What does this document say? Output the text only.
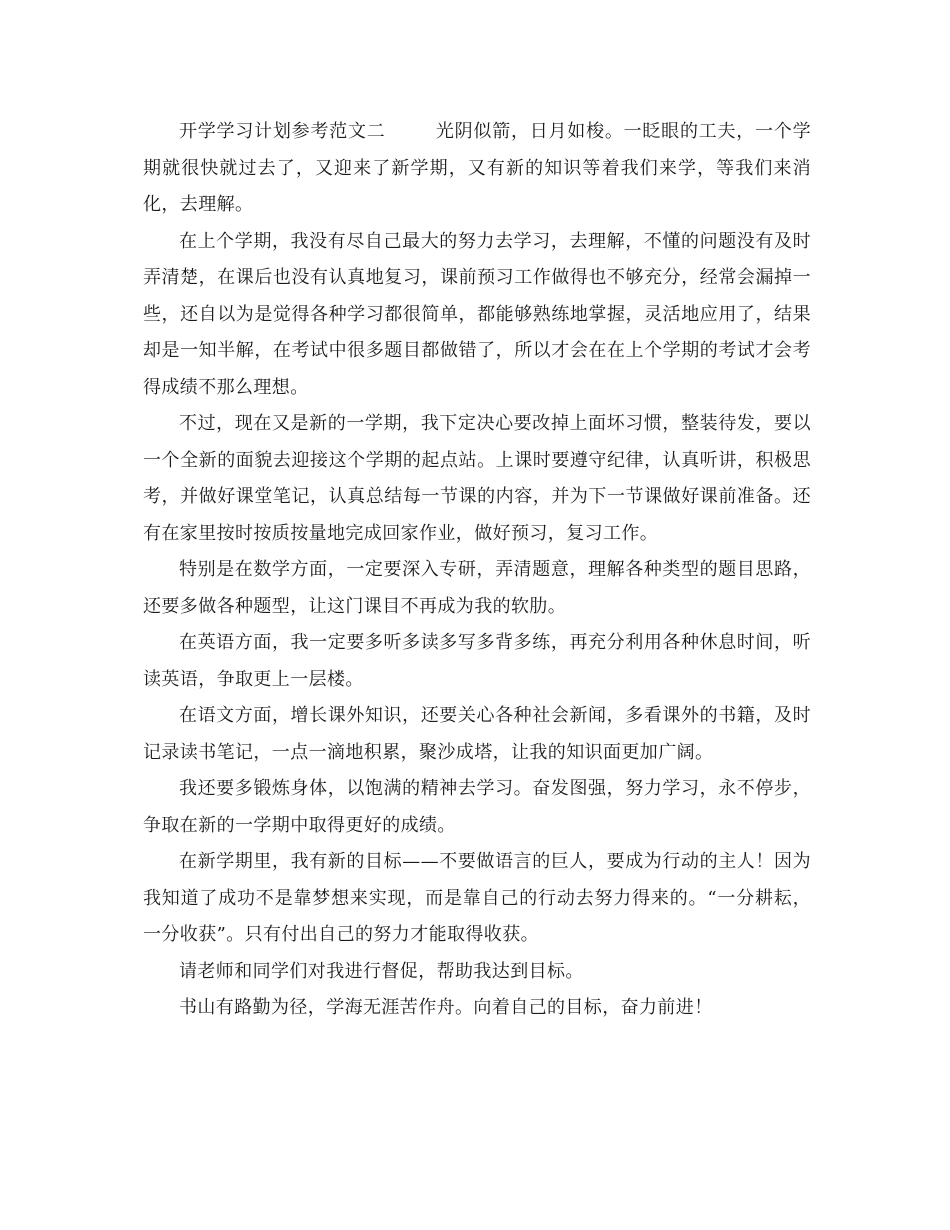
开学学习计划参考范文二	光阴似箭，日月如梭。一眨眼的工夫，一个学期就很快就过去了，又迎来了新学期，又有新的知识等着我们来学，等我们来消化，去理解。

在上个学期，我没有尽自己最大的努力去学习，去理解，不懂的问题没有及时弄清楚，在课后也没有认真地复习，课前预习工作做得也不够充分，经常会漏掉一些，还自以为是觉得各种学习都很简单，都能够熟练地掌握，灵活地应用了，结果却是一知半解，在考试中很多题目都做错了，所以才会在在上个学期的考试才会考得成绩不那么理想。

不过，现在又是新的一学期，我下定决心要改掉上面坏习惯，整装待发，要以一个全新的面貌去迎接这个学期的起点站。上课时要遵守纪律，认真听讲，积极思考，并做好课堂笔记，认真总结每一节课的内容，并为下一节课做好课前准备。还有在家里按时按质按量地完成回家作业，做好预习，复习工作。

特别是在数学方面，一定要深入专研，弄清题意，理解各种类型的题目思路，还要多做各种题型，让这门课目不再成为我的软肋。

在英语方面，我一定要多听多读多写多背多练，再充分利用各种休息时间，听读英语，争取更上一层楼。

在语文方面，增长课外知识，还要关心各种社会新闻，多看课外的书籍，及时记录读书笔记，一点一滴地积累，聚沙成塔，让我的知识面更加广阔。

我还要多锻炼身体，以饱满的精神去学习。奋发图强，努力学习，永不停步，争取在新的一学期中取得更好的成绩。

在新学期里，我有新的目标——不要做语言的巨人，要成为行动的主人！因为我知道了成功不是靠梦想来实现，而是靠自己的行动去努力得来的。“一分耕耘，一分收获”。只有付出自己的努力才能取得收获。

请老师和同学们对我进行督促，帮助我达到目标。

书山有路勤为径，学海无涯苦作舟。向着自己的目标，奋力前进！
